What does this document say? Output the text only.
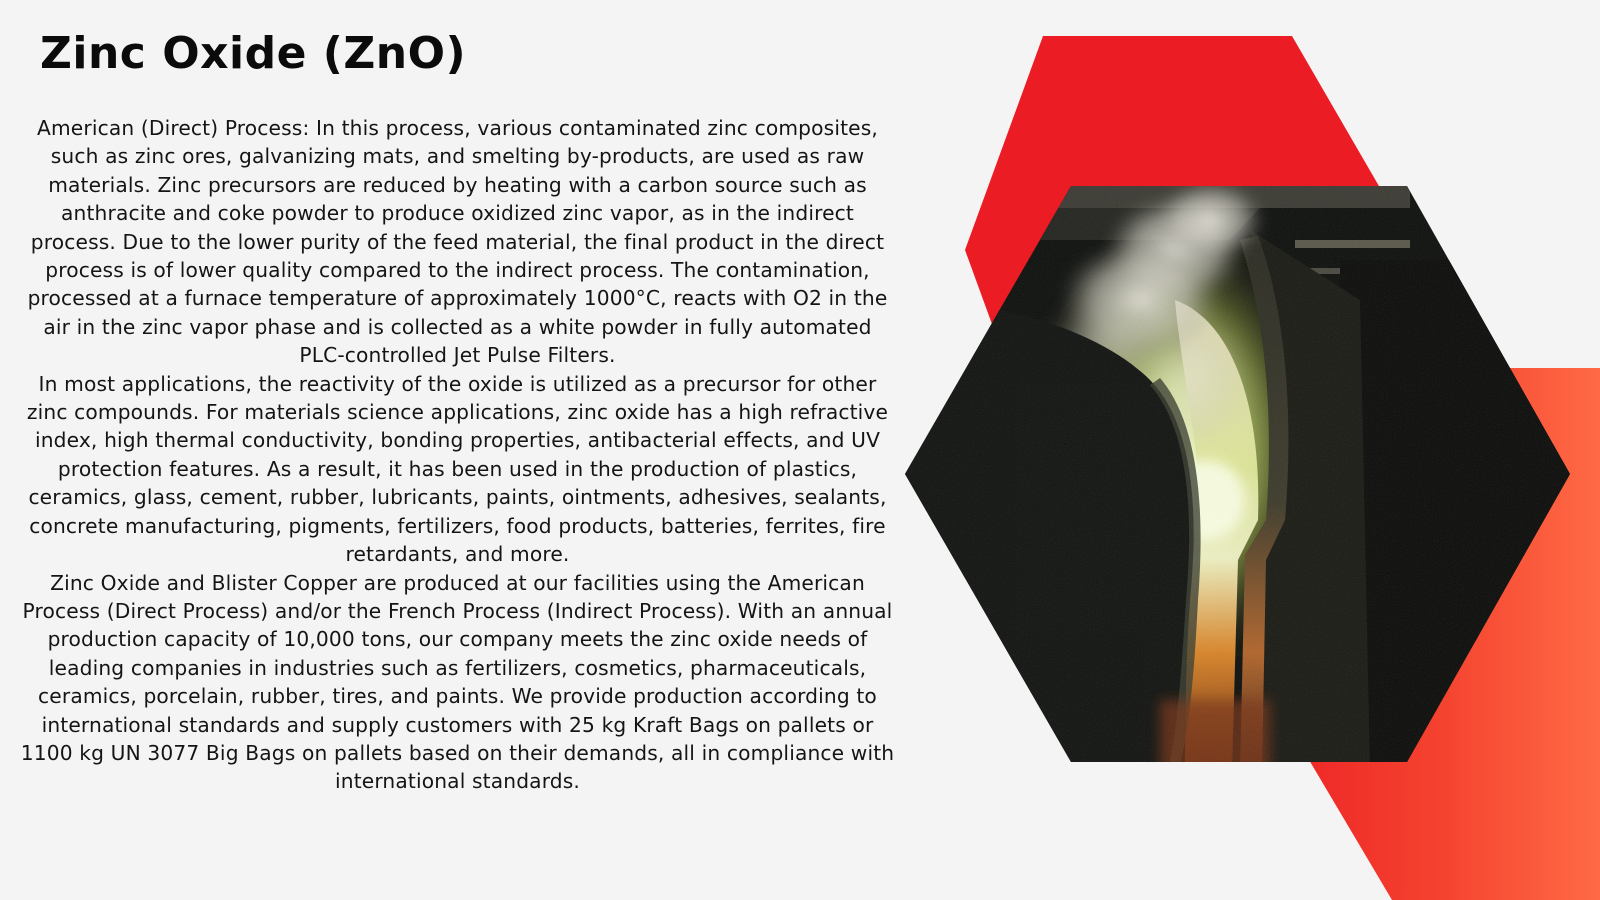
Zinc Oxide (ZnO)

American (Direct) Process: In this process, various contaminated zinc composites, such as zinc ores, galvanizing mats, and smelting by-products, are used as raw materials. Zinc precursors are reduced by heating with a carbon source such as anthracite and coke powder to produce oxidized zinc vapor, as in the indirect process. Due to the lower purity of the feed material, the final product in the direct process is of lower quality compared to the indirect process. The contamination, processed at a furnace temperature of approximately 1000°C, reacts with O2 in the air in the zinc vapor phase and is collected as a white powder in fully automated PLC-controlled Jet Pulse Filters.

In most applications, the reactivity of the oxide is utilized as a precursor for other zinc compounds. For materials science applications, zinc oxide has a high refractive index, high thermal conductivity, bonding properties, antibacterial effects, and UV protection features. As a result, it has been used in the production of plastics, ceramics, glass, cement, rubber, lubricants, paints, ointments, adhesives, sealants, concrete manufacturing, pigments, fertilizers, food products, batteries, ferrites, fire retardants, and more.

Zinc Oxide and Blister Copper are produced at our facilities using the American Process (Direct Process) and/or the French Process (Indirect Process). With an annual production capacity of 10,000 tons, our company meets the zinc oxide needs of leading companies in industries such as fertilizers, cosmetics, pharmaceuticals, ceramics, porcelain, rubber, tires, and paints. We provide production according to international standards and supply customers with 25 kg Kraft Bags on pallets or 1100 kg UN 3077 Big Bags on pallets based on their demands, all in compliance with international standards.
